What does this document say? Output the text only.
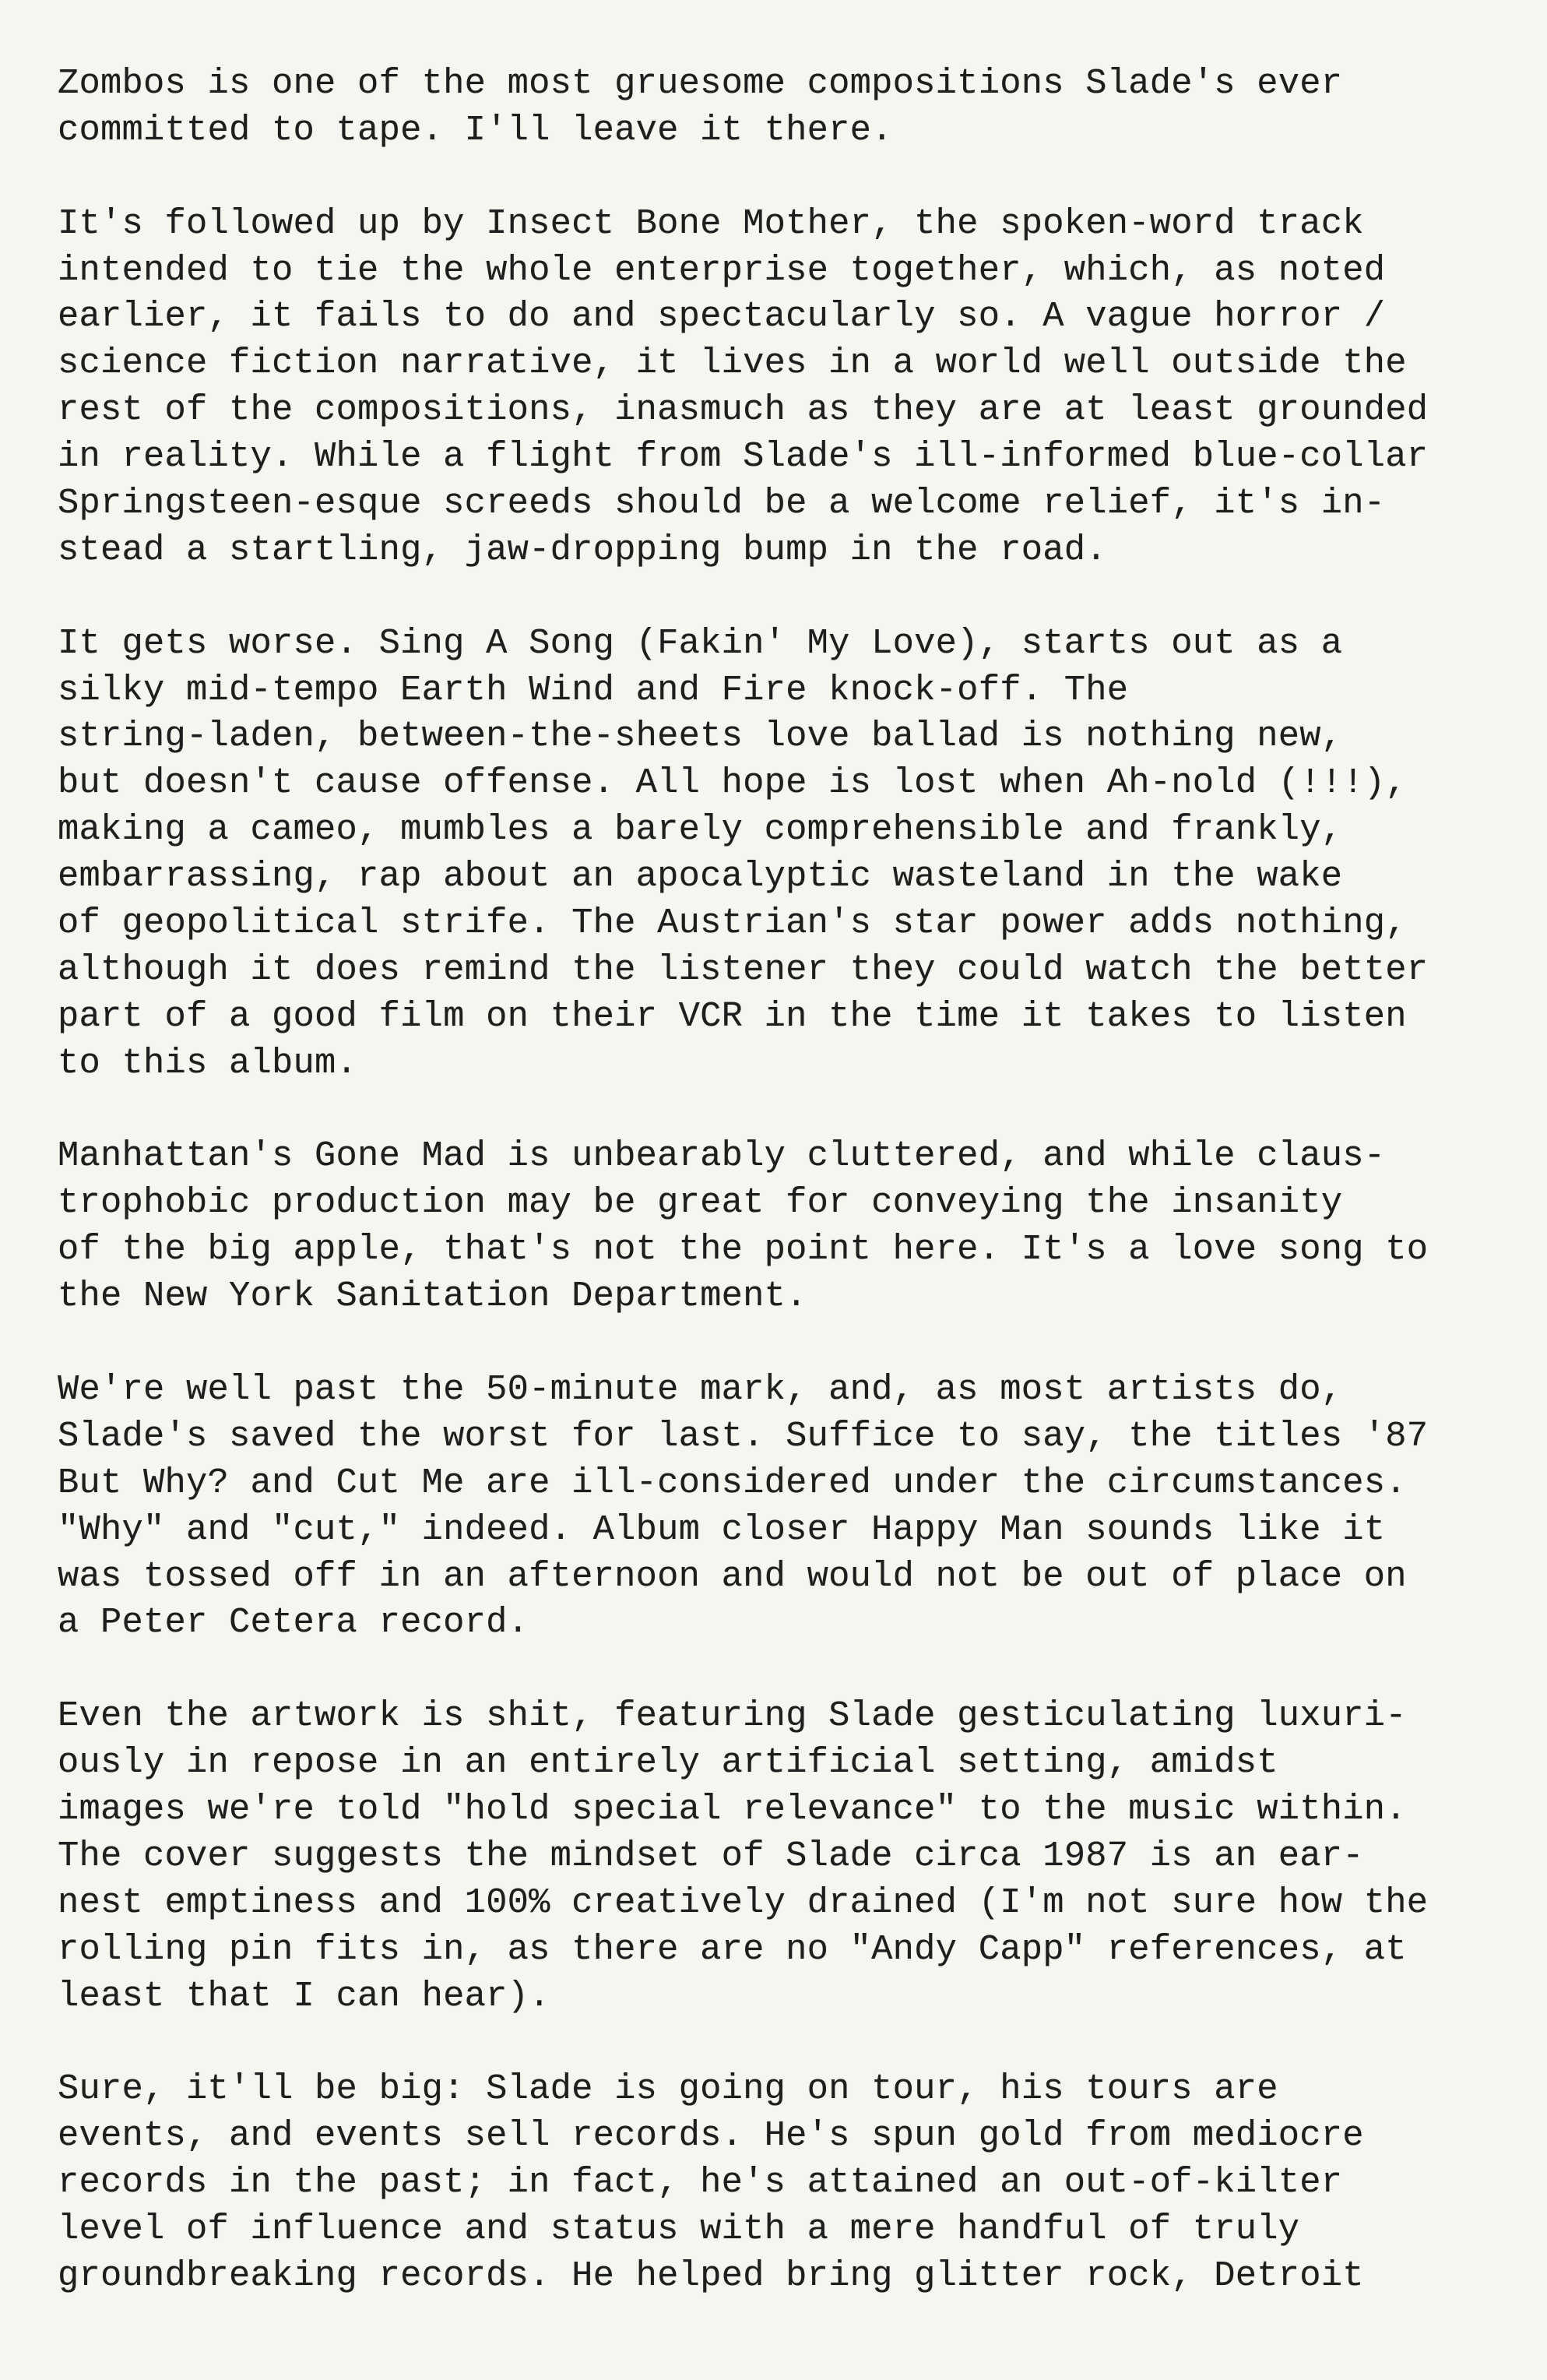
Zombos is one of the most gruesome compositions Slade's ever
committed to tape. I'll leave it there.
It's followed up by Insect Bone Mother, the spoken-word track
intended to tie the whole enterprise together, which, as noted
earlier, it fails to do and spectacularly so. A vague horror /
science fiction narrative, it lives in a world well outside the
rest of the compositions, inasmuch as they are at least grounded
in reality. While a flight from Slade's ill-informed blue-collar
Springsteen-esque screeds should be a welcome relief, it's in-
stead a startling, jaw-dropping bump in the road.
It gets worse. Sing A Song (Fakin' My Love), starts out as a
silky mid-tempo Earth Wind and Fire knock-off. The
string-laden, between-the-sheets love ballad is nothing new,
but doesn't cause offense. All hope is lost when Ah-nold (!!!),
making a cameo, mumbles a barely comprehensible and frankly,
embarrassing, rap about an apocalyptic wasteland in the wake
of geopolitical strife. The Austrian's star power adds nothing,
although it does remind the listener they could watch the better
part of a good film on their VCR in the time it takes to listen
to this album.
Manhattan's Gone Mad is unbearably cluttered, and while claus-
trophobic production may be great for conveying the insanity
of the big apple, that's not the point here. It's a love song to
the New York Sanitation Department.
We're well past the 50-minute mark, and, as most artists do,
Slade's saved the worst for last. Suffice to say, the titles '87
But Why? and Cut Me are ill-considered under the circumstances.
"Why" and "cut," indeed. Album closer Happy Man sounds like it
was tossed off in an afternoon and would not be out of place on
a Peter Cetera record.
Even the artwork is shit, featuring Slade gesticulating luxuri-
ously in repose in an entirely artificial setting, amidst
images we're told "hold special relevance" to the music within.
The cover suggests the mindset of Slade circa 1987 is an ear-
nest emptiness and 100% creatively drained (I'm not sure how the
rolling pin fits in, as there are no "Andy Capp" references, at
least that I can hear).
Sure, it'll be big: Slade is going on tour, his tours are
events, and events sell records. He's spun gold from mediocre
records in the past; in fact, he's attained an out-of-kilter
level of influence and status with a mere handful of truly
groundbreaking records. He helped bring glitter rock, Detroit
